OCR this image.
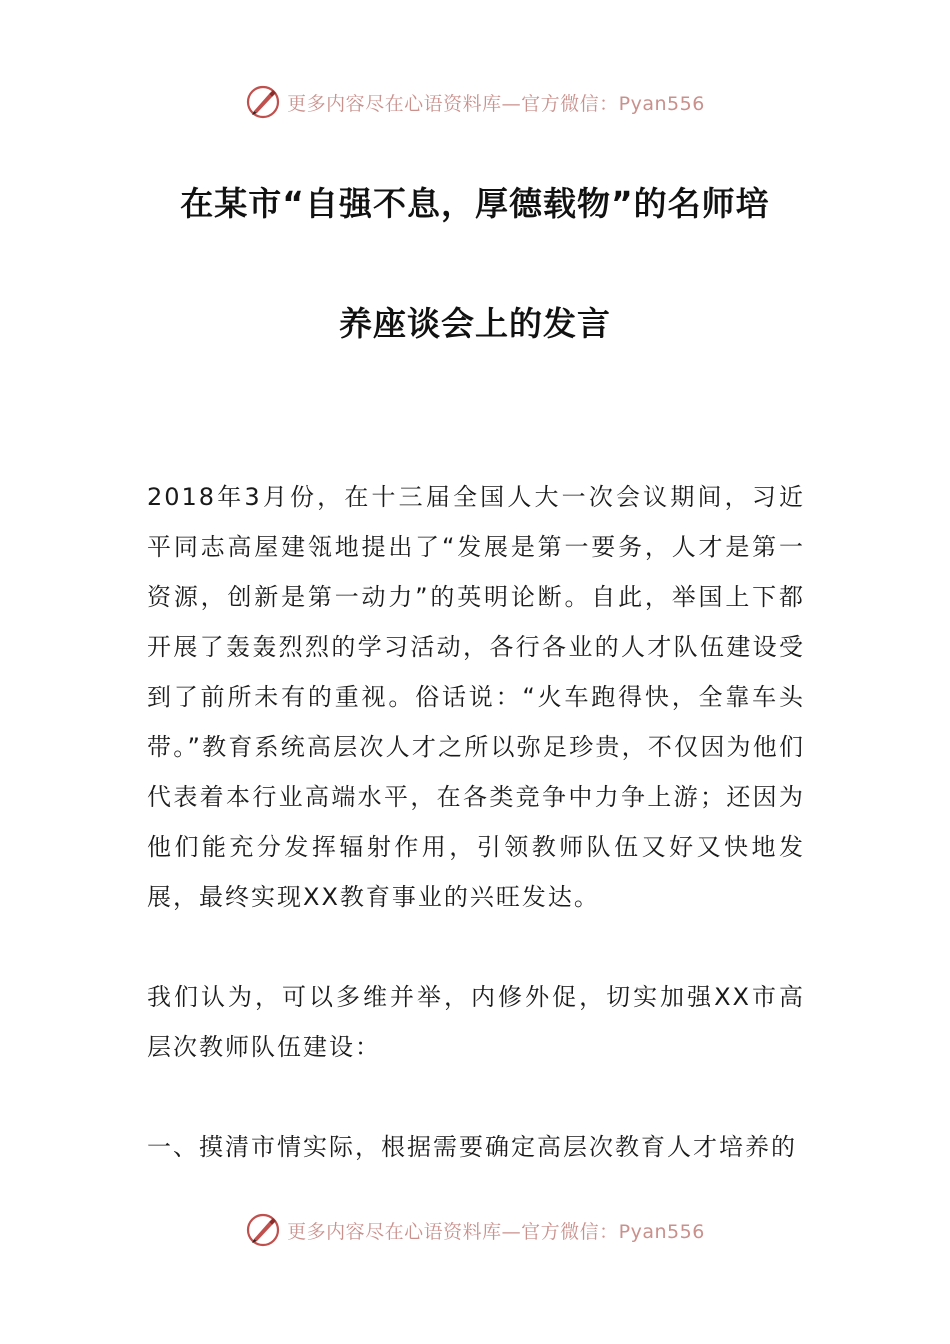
更多内容尽在心语资料库—官方微信：Pyan556
在某市“自强不息，厚德载物”的名师培
养座谈会上的发言

2018年3月份，在十三届全国人大一次会议期间，习近平同志高屋建瓴地提出了“发展是第一要务，人才是第一资源，创新是第一动力”的英明论断。自此，举国上下都开展了轰轰烈烈的学习活动，各行各业的人才队伍建设受到了前所未有的重视。俗话说：“火车跑得快，全靠车头带。”教育系统高层次人才之所以弥足珍贵，不仅因为他们代表着本行业高端水平，在各类竞争中力争上游；还因为他们能充分发挥辐射作用，引领教师队伍又好又快地发展，最终实现XX教育事业的兴旺发达。

我们认为，可以多维并举，内修外促，切实加强XX市高层次教师队伍建设：

一、摸清市情实际，根据需要确定高层次教育人才培养的

更多内容尽在心语资料库—官方微信：Pyan556
